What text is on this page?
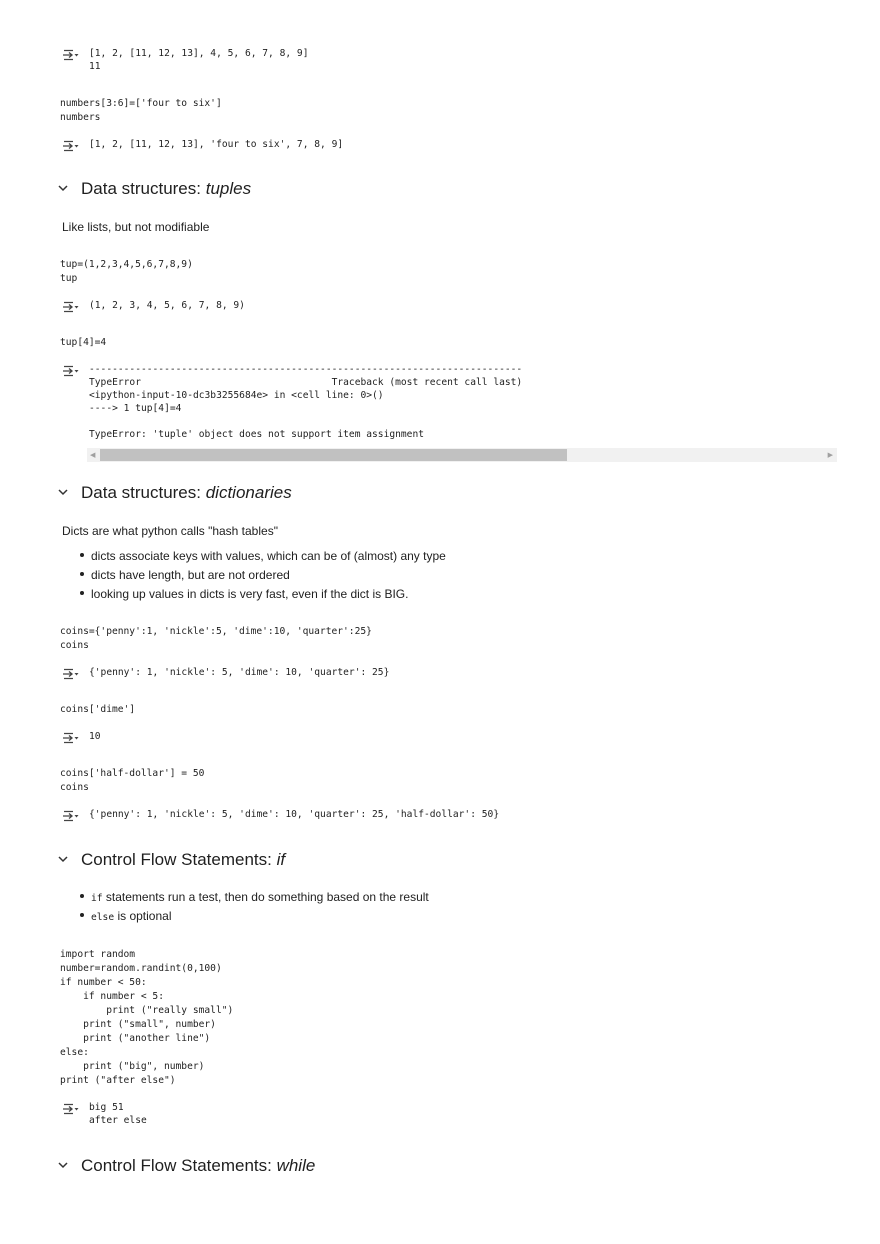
[1, 2, [11, 12, 13], 4, 5, 6, 7, 8, 9]
11
numbers[3:6]=['four to six']
numbers
[1, 2, [11, 12, 13], 'four to six', 7, 8, 9]
Data structures: tuples
Like lists, but not modifiable
tup=(1,2,3,4,5,6,7,8,9)
tup
(1, 2, 3, 4, 5, 6, 7, 8, 9)
tup[4]=4
---------------------------------------------------------------------------
TypeError                                 Traceback (most recent call last)
<ipython-input-10-dc3b3255684e> in <cell line: 0>()
----> 1 tup[4]=4

TypeError: 'tuple' object does not support item assignment
◀	▶
Data structures: dictionaries
Dicts are what python calls "hash tables"
dicts associate keys with values, which can be of (almost) any type
dicts have length, but are not ordered
looking up values in dicts is very fast, even if the dict is BIG.
coins={'penny':1, 'nickle':5, 'dime':10, 'quarter':25}
coins
{'penny': 1, 'nickle': 5, 'dime': 10, 'quarter': 25}
coins['dime']
10
coins['half-dollar'] = 50
coins
{'penny': 1, 'nickle': 5, 'dime': 10, 'quarter': 25, 'half-dollar': 50}
Control Flow Statements: if
if statements run a test, then do something based on the result
else is optional
import random
number=random.randint(0,100)
if number < 50:
if number < 5:
print ("really small")
print ("small", number)
print ("another line")
else:
print ("big", number)
print ("after else")
big 51
after else
Control Flow Statements: while
